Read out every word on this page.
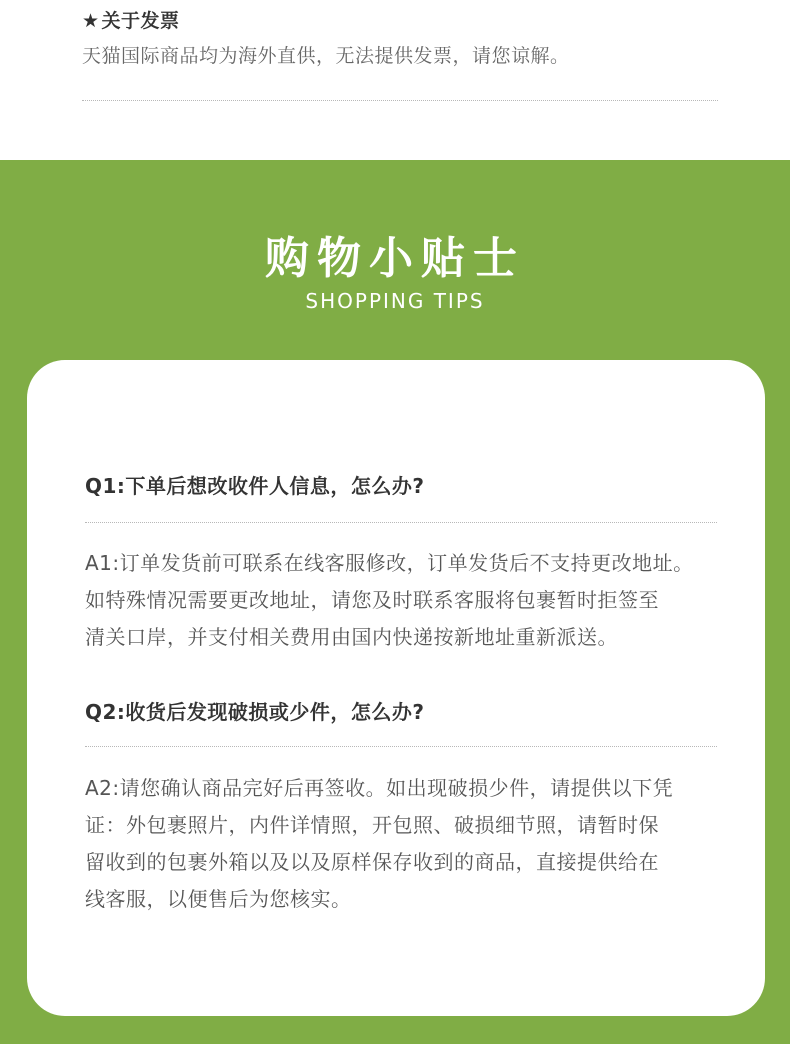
★ 关于发票
天猫国际商品均为海外直供，无法提供发票，请您谅解。
购物小贴士
SHOPPING TIPS
Q1:下单后想改收件人信息，怎么办?
A1:订单发货前可联系在线客服修改，订单发货后不支持更改地址。
如特殊情况需要更改地址，请您及时联系客服将包裹暂时拒签至
清关口岸，并支付相关费用由国内快递按新地址重新派送。
Q2:收货后发现破损或少件，怎么办?
A2:请您确认商品完好后再签收。如出现破损少件，请提供以下凭
证：外包裹照片，内件详情照，开包照、破损细节照，请暂时保
留收到的包裹外箱以及以及原样保存收到的商品，直接提供给在
线客服，以便售后为您核实。
